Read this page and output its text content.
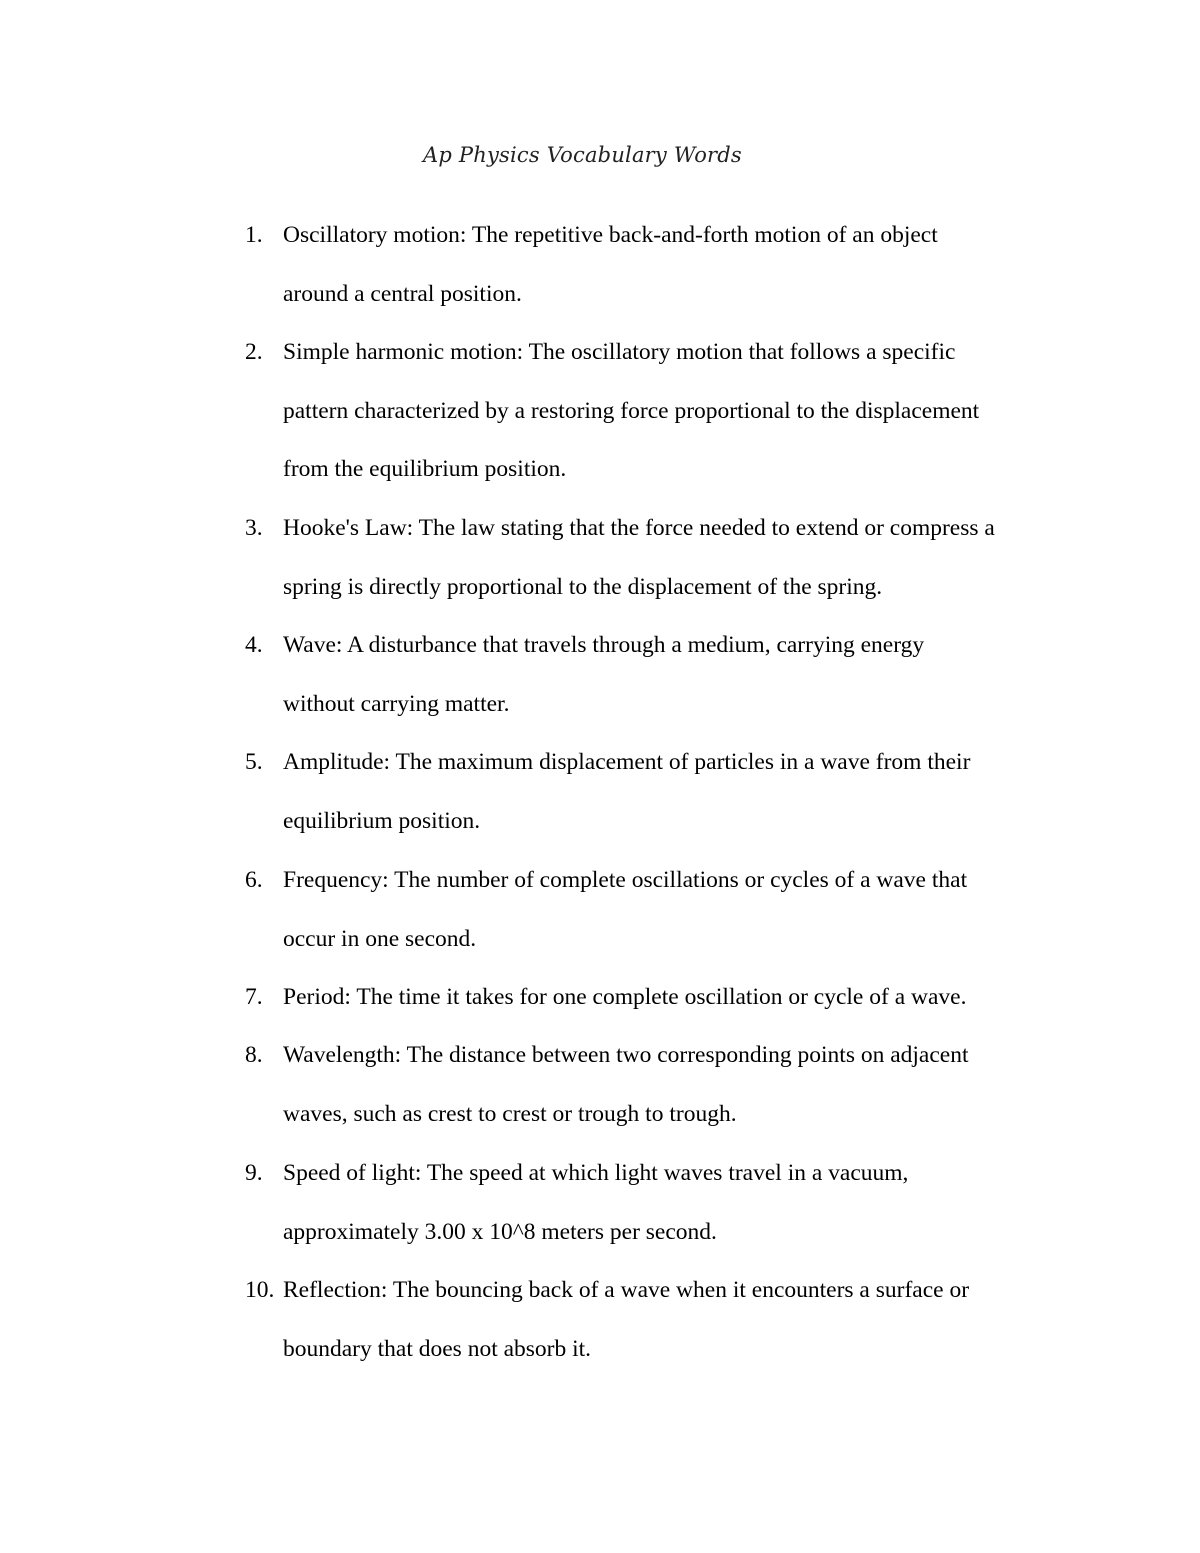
Ap Physics Vocabulary Words
1. Oscillatory motion: The repetitive back-and-forth motion of an object
around a central position.
2. Simple harmonic motion: The oscillatory motion that follows a specific
pattern characterized by a restoring force proportional to the displacement
from the equilibrium position.
3. Hooke's Law: The law stating that the force needed to extend or compress a
spring is directly proportional to the displacement of the spring.
4. Wave: A disturbance that travels through a medium, carrying energy
without carrying matter.
5. Amplitude: The maximum displacement of particles in a wave from their
equilibrium position.
6. Frequency: The number of complete oscillations or cycles of a wave that
occur in one second.
7. Period: The time it takes for one complete oscillation or cycle of a wave.
8. Wavelength: The distance between two corresponding points on adjacent
waves, such as crest to crest or trough to trough.
9. Speed of light: The speed at which light waves travel in a vacuum,
approximately 3.00 x 10^8 meters per second.
10. Reflection: The bouncing back of a wave when it encounters a surface or
boundary that does not absorb it.
